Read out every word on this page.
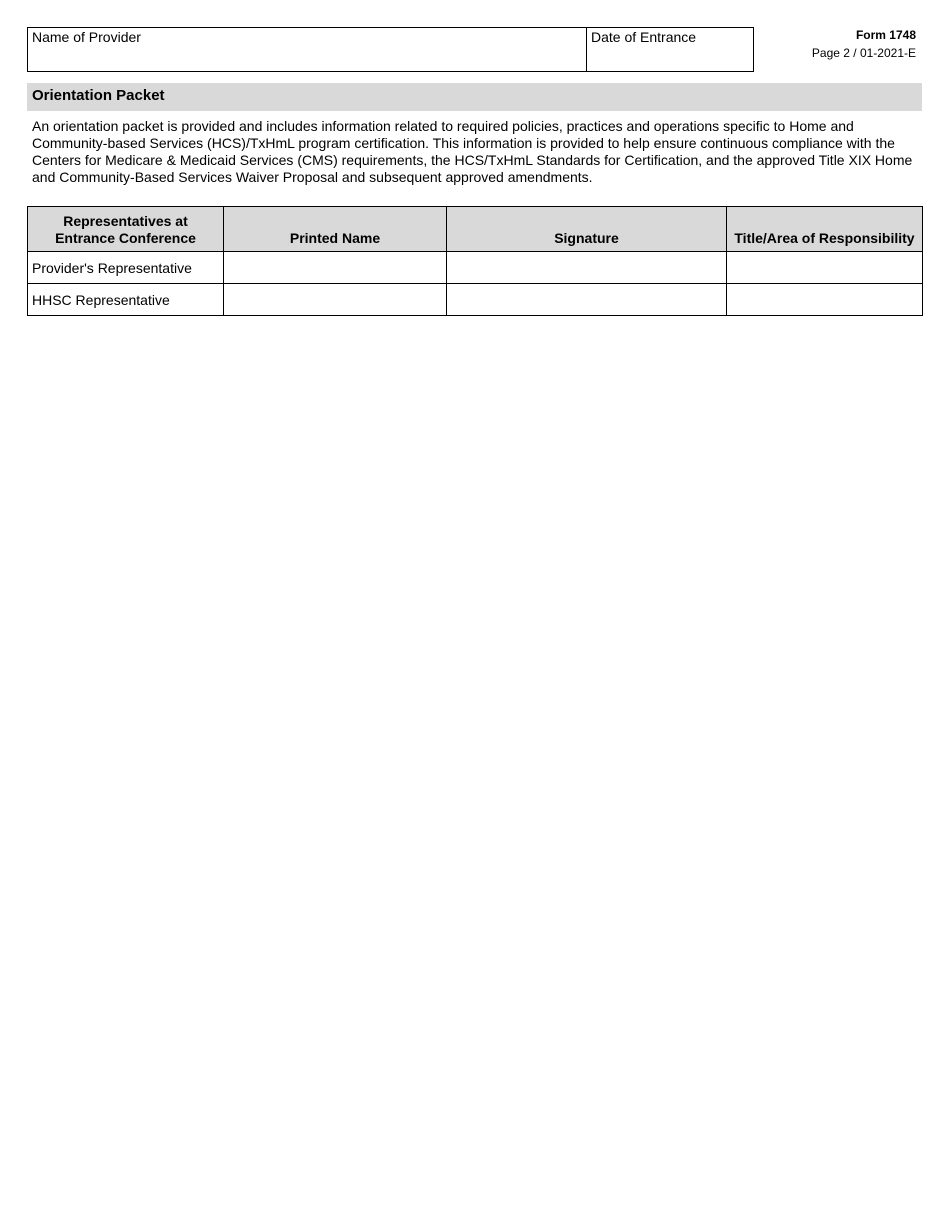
Name of Provider	Date of Entrance	Form 1748
Page 2 / 01-2021-E
Orientation Packet

An orientation packet is provided and includes information related to required policies, practices and operations specific to Home and Community-based Services (HCS)/TxHmL program certification. This information is provided to help ensure continuous compliance with the Centers for Medicare & Medicaid Services (CMS) requirements, the HCS/TxHmL Standards for Certification, and the approved Title XIX Home and Community-Based Services Waiver Proposal and subsequent approved amendments.

Representatives at
Entrance Conference	Printed Name	Signature	Title/Area of Responsibility
Provider's Representative			
HHSC Representative			
